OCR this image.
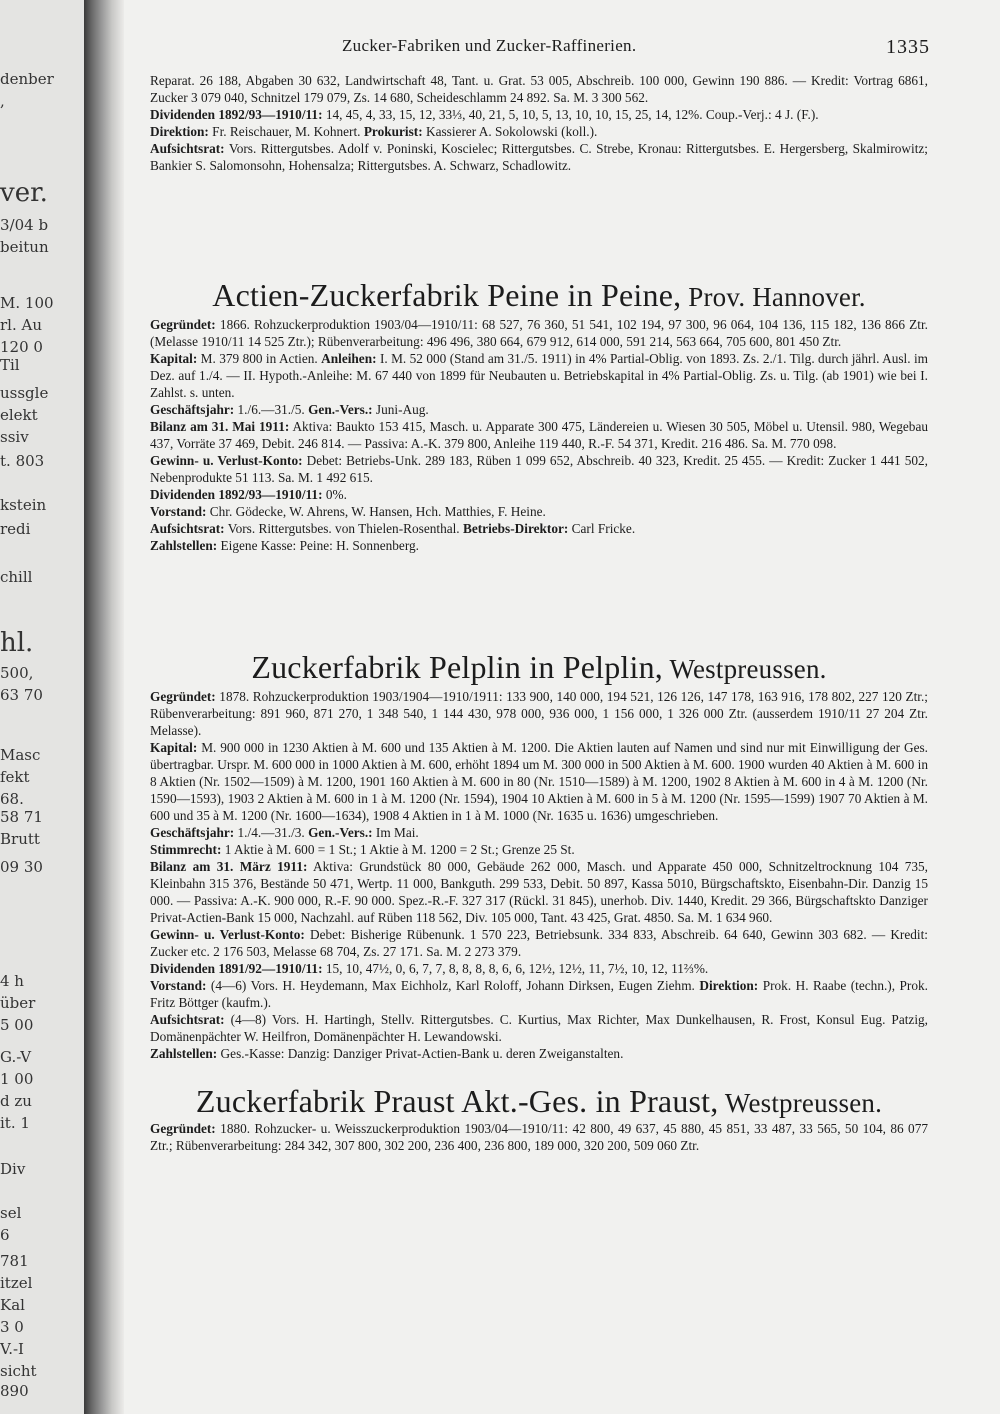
denber
,
ver.
3/04 b
beitun
M. 100
rl. Au
120 0
Til
ussgle
elekt
ssiv
t. 803
kstein
redi
chill
hl.
500,
63 70
Masc
fekt
68.
58 71
Brutt
09 30
4 h
über
5 00
G.-V
1 00
d zu
it. 1
Div
sel
6
781
itzel
Kal
3 0
V.-I
sicht
890
Zucker-Fabriken und Zucker-Raffinerien.	1335

Reparat. 26 188, Abgaben 30 632, Landwirtschaft 48, Tant. u. Grat. 53 005, Abschreib. 100 000, Gewinn 190 886. — Kredit: Vortrag 6861, Zucker 3 079 040, Schnitzel 179 079, Zs. 14 680, Scheideschlamm 24 892. Sa. M. 3 300 562.

Dividenden 1892/93—1910/11: 14, 45, 4, 33, 15, 12, 33⅓, 40, 21, 5, 10, 5, 13, 10, 10, 15, 25, 14, 12%. Coup.-Verj.: 4 J. (F.).

Direktion: Fr. Reischauer, M. Kohnert. Prokurist: Kassierer A. Sokolowski (koll.).

Aufsichtsrat: Vors. Rittergutsbes. Adolf v. Poninski, Koscielec; Rittergutsbes. C. Strebe, Kronau: Rittergutsbes. E. Hergersberg, Skalmirowitz; Bankier S. Salomonsohn, Hohensalza; Rittergutsbes. A. Schwarz, Schadlowitz.

Actien-Zuckerfabrik Peine in Peine, Prov. Hannover.

Gegründet: 1866. Rohzuckerproduktion 1903/04—1910/11: 68 527, 76 360, 51 541, 102 194, 97 300, 96 064, 104 136, 115 182, 136 866 Ztr. (Melasse 1910/11 14 525 Ztr.); Rübenverarbeitung: 496 496, 380 664, 679 912, 614 000, 591 214, 563 664, 705 600, 801 450 Ztr.

Kapital: M. 379 800 in Actien. Anleihen: I. M. 52 000 (Stand am 31./5. 1911) in 4% Partial-Oblig. von 1893. Zs. 2./1. Tilg. durch jährl. Ausl. im Dez. auf 1./4. — II. Hypoth.-Anleihe: M. 67 440 von 1899 für Neubauten u. Betriebskapital in 4% Partial-Oblig. Zs. u. Tilg. (ab 1901) wie bei I. Zahlst. s. unten.

Geschäftsjahr: 1./6.—31./5. Gen.-Vers.: Juni-Aug.

Bilanz am 31. Mai 1911: Aktiva: Baukto 153 415, Masch. u. Apparate 300 475, Ländereien u. Wiesen 30 505, Möbel u. Utensil. 980, Wegebau 437, Vorräte 37 469, Debit. 246 814. — Passiva: A.-K. 379 800, Anleihe 119 440, R.-F. 54 371, Kredit. 216 486. Sa. M. 770 098.

Gewinn- u. Verlust-Konto: Debet: Betriebs-Unk. 289 183, Rüben 1 099 652, Abschreib. 40 323, Kredit. 25 455. — Kredit: Zucker 1 441 502, Nebenprodukte 51 113. Sa. M. 1 492 615.

Dividenden 1892/93—1910/11: 0%.

Vorstand: Chr. Gödecke, W. Ahrens, W. Hansen, Hch. Matthies, F. Heine.

Aufsichtsrat: Vors. Rittergutsbes. von Thielen-Rosenthal. Betriebs-Direktor: Carl Fricke.

Zahlstellen: Eigene Kasse: Peine: H. Sonnenberg.

Zuckerfabrik Pelplin in Pelplin, Westpreussen.

Gegründet: 1878. Rohzuckerproduktion 1903/1904—1910/1911: 133 900, 140 000, 194 521, 126 126, 147 178, 163 916, 178 802, 227 120 Ztr.; Rübenverarbeitung: 891 960, 871 270, 1 348 540, 1 144 430, 978 000, 936 000, 1 156 000, 1 326 000 Ztr. (ausserdem 1910/11 27 204 Ztr. Melasse).

Kapital: M. 900 000 in 1230 Aktien à M. 600 und 135 Aktien à M. 1200. Die Aktien lauten auf Namen und sind nur mit Einwilligung der Ges. übertragbar. Urspr. M. 600 000 in 1000 Aktien à M. 600, erhöht 1894 um M. 300 000 in 500 Aktien à M. 600. 1900 wurden 40 Aktien à M. 600 in 8 Aktien (Nr. 1502—1509) à M. 1200, 1901 160 Aktien à M. 600 in 80 (Nr. 1510—1589) à M. 1200, 1902 8 Aktien à M. 600 in 4 à M. 1200 (Nr. 1590—1593), 1903 2 Aktien à M. 600 in 1 à M. 1200 (Nr. 1594), 1904 10 Aktien à M. 600 in 5 à M. 1200 (Nr. 1595—1599) 1907 70 Aktien à M. 600 und 35 à M. 1200 (Nr. 1600—1634), 1908 4 Aktien in 1 à M. 1000 (Nr. 1635 u. 1636) umgeschrieben.

Geschäftsjahr: 1./4.—31./3. Gen.-Vers.: Im Mai.

Stimmrecht: 1 Aktie à M. 600 = 1 St.; 1 Aktie à M. 1200 = 2 St.; Grenze 25 St.

Bilanz am 31. März 1911: Aktiva: Grundstück 80 000, Gebäude 262 000, Masch. und Apparate 450 000, Schnitzeltrocknung 104 735, Kleinbahn 315 376, Bestände 50 471, Wertp. 11 000, Bankguth. 299 533, Debit. 50 897, Kassa 5010, Bürgschaftskto, Eisenbahn-Dir. Danzig 15 000. — Passiva: A.-K. 900 000, R.-F. 90 000. Spez.-R.-F. 327 317 (Rückl. 31 845), unerhob. Div. 1440, Kredit. 29 366, Bürgschaftskto Danziger Privat-Actien-Bank 15 000, Nachzahl. auf Rüben 118 562, Div. 105 000, Tant. 43 425, Grat. 4850. Sa. M. 1 634 960.

Gewinn- u. Verlust-Konto: Debet: Bisherige Rübenunk. 1 570 223, Betriebsunk. 334 833, Abschreib. 64 640, Gewinn 303 682. — Kredit: Zucker etc. 2 176 503, Melasse 68 704, Zs. 27 171. Sa. M. 2 273 379.

Dividenden 1891/92—1910/11: 15, 10, 47½, 0, 6, 7, 7, 8, 8, 8, 8, 6, 6, 12½, 12½, 11, 7½, 10, 12, 11⅔%.

Vorstand: (4—6) Vors. H. Heydemann, Max Eichholz, Karl Roloff, Johann Dirksen, Eugen Ziehm. Direktion: Prok. H. Raabe (techn.), Prok. Fritz Böttger (kaufm.).

Aufsichtsrat: (4—8) Vors. H. Hartingh, Stellv. Rittergutsbes. C. Kurtius, Max Richter, Max Dunkelhausen, R. Frost, Konsul Eug. Patzig, Domänenpächter W. Heilfron, Domänenpächter H. Lewandowski.

Zahlstellen: Ges.-Kasse: Danzig: Danziger Privat-Actien-Bank u. deren Zweiganstalten.

Zuckerfabrik Praust Akt.-Ges. in Praust, Westpreussen.

Gegründet: 1880. Rohzucker- u. Weisszuckerproduktion 1903/04—1910/11: 42 800, 49 637, 45 880, 45 851, 33 487, 33 565, 50 104, 86 077 Ztr.; Rübenverarbeitung: 284 342, 307 800, 302 200, 236 400, 236 800, 189 000, 320 200, 509 060 Ztr.
